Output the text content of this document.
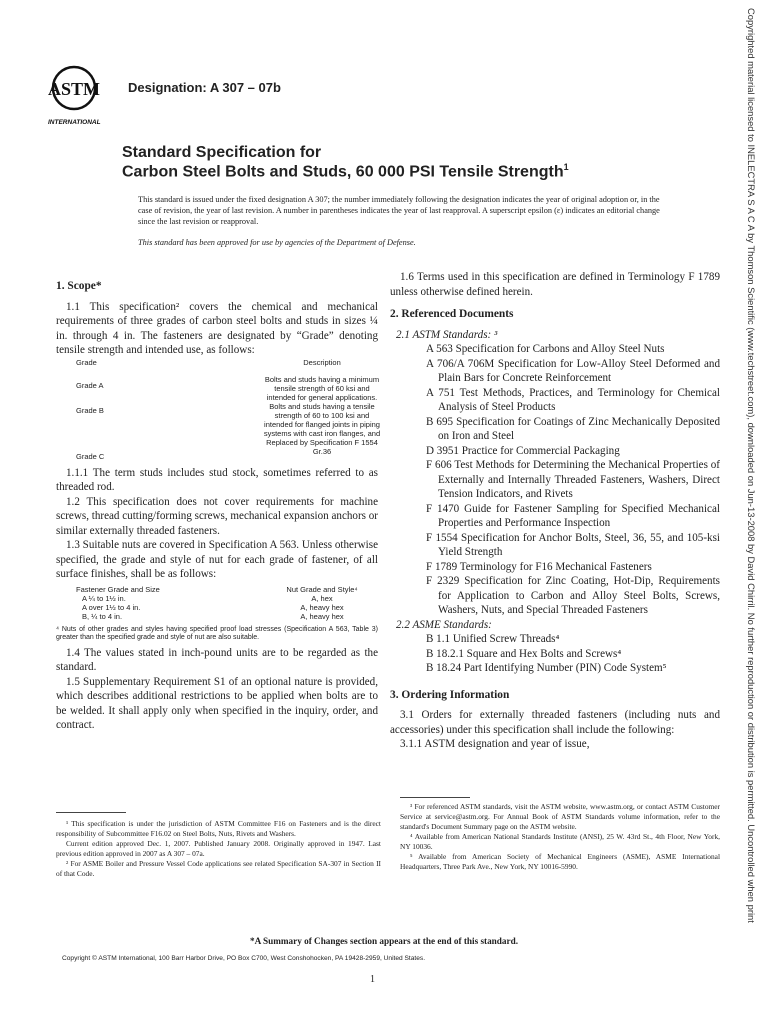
ASTM
INTERNATIONAL
Designation: A 307 – 07b
Standard Specification for
Carbon Steel Bolts and Studs, 60 000 PSI Tensile Strength$^1$
This standard is issued under the fixed designation A 307; the number immediately following the designation indicates the year of original adoption or, in the case of revision, the year of last revision. A number in parentheses indicates the year of last reapproval. A superscript epsilon (ε) indicates an editorial change since the last revision or reapproval.
This standard has been approved for use by agencies of the Department of Defense.
1. Scope*

1.1 This specification² covers the chemical and mechanical requirements of three grades of carbon steel bolts and studs in sizes ¼ in. through 4 in. The fasteners are designated by “Grade” denoting tensile strength and intended use, as follows:

Grade	Description
Grade A	Bolts and studs having a minimum tensile strength of 60 ksi and intended for general applications.
Grade B	Bolts and studs having a tensile strength of 60 to 100 ksi and intended for flanged joints in piping systems with cast iron flanges, and
Grade C	Replaced by Specification F 1554 Gr.36

1.1.1 The term studs includes stud stock, sometimes referred to as threaded rod.

1.2 This specification does not cover requirements for machine screws, thread cutting/forming screws, mechanical expansion anchors or similar externally threaded fasteners.

1.3 Suitable nuts are covered in Specification A 563. Unless otherwise specified, the grade and style of nut for each grade of fastener, of all surface finishes, shall be as follows:

Fastener Grade and Size	Nut Grade and Style⁴
A ¼ to 1½ in.	A, hex
A over 1½ to 4 in.	A, heavy hex
B, ¼ to 4 in.	A, heavy hex

⁴ Nuts of other grades and styles having specified proof load stresses (Specification A 563, Table 3) greater than the specified grade and style of nut are also suitable.

1.4 The values stated in inch-pound units are to be regarded as the standard.

1.5 Supplementary Requirement S1 of an optional nature is provided, which describes additional restrictions to be applied when bolts are to be welded. It shall apply only when specified in the inquiry, order, and contract.

1.6 Terms used in this specification are defined in Terminology F 1789 unless otherwise defined herein.

2. Referenced Documents
2.1 ASTM Standards: ³
A 563 Specification for Carbons and Alloy Steel Nuts
A 706/A 706M Specification for Low-Alloy Steel Deformed and Plain Bars for Concrete Reinforcement
A 751 Test Methods, Practices, and Terminology for Chemical Analysis of Steel Products
B 695 Specification for Coatings of Zinc Mechanically Deposited on Iron and Steel
D 3951 Practice for Commercial Packaging
F 606 Test Methods for Determining the Mechanical Properties of Externally and Internally Threaded Fasteners, Washers, Direct Tension Indicators, and Rivets
F 1470 Guide for Fastener Sampling for Specified Mechanical Properties and Performance Inspection
F 1554 Specification for Anchor Bolts, Steel, 36, 55, and 105-ksi Yield Strength
F 1789 Terminology for F16 Mechanical Fasteners
F 2329 Specification for Zinc Coating, Hot-Dip, Requirements for Application to Carbon and Alloy Steel Bolts, Screws, Washers, Nuts, and Special Threaded Fasteners
2.2 ASME Standards:
B 1.1 Unified Screw Threads⁴
B 18.2.1 Square and Hex Bolts and Screws⁴
B 18.24 Part Identifying Number (PIN) Code System⁵
3. Ordering Information

3.1 Orders for externally threaded fasteners (including nuts and accessories) under this specification shall include the following:

3.1.1 ASTM designation and year of issue,

¹ This specification is under the jurisdiction of ASTM Committee F16 on Fasteners and is the direct responsibility of Subcommittee F16.02 on Steel Bolts, Nuts, Rivets and Washers.

Current edition approved Dec. 1, 2007. Published January 2008. Originally approved in 1947. Last previous edition approved in 2007 as A 307 – 07a.

² For ASME Boiler and Pressure Vessel Code applications see related Specification SA-307 in Section II of that Code.

³ For referenced ASTM standards, visit the ASTM website, www.astm.org, or contact ASTM Customer Service at service@astm.org. For Annual Book of ASTM Standards volume information, refer to the standard's Document Summary page on the ASTM website.

⁴ Available from American National Standards Institute (ANSI), 25 W. 43rd St., 4th Floor, New York, NY 10036.

⁵ Available from American Society of Mechanical Engineers (ASME), ASME International Headquarters, Three Park Ave., New York, NY 10016-5990.

*A Summary of Changes section appears at the end of this standard.
Copyright © ASTM International, 100 Barr Harbor Drive, PO Box C700, West Conshohocken, PA 19428-2959, United States.
1
Copyrighted material licensed to INELECTRA S A C A by Thomson Scientific (www.techstreet.com), downloaded on Jun-13-2008 by David Chirril. No further reproduction or distribution is permitted. Uncontrolled when print
